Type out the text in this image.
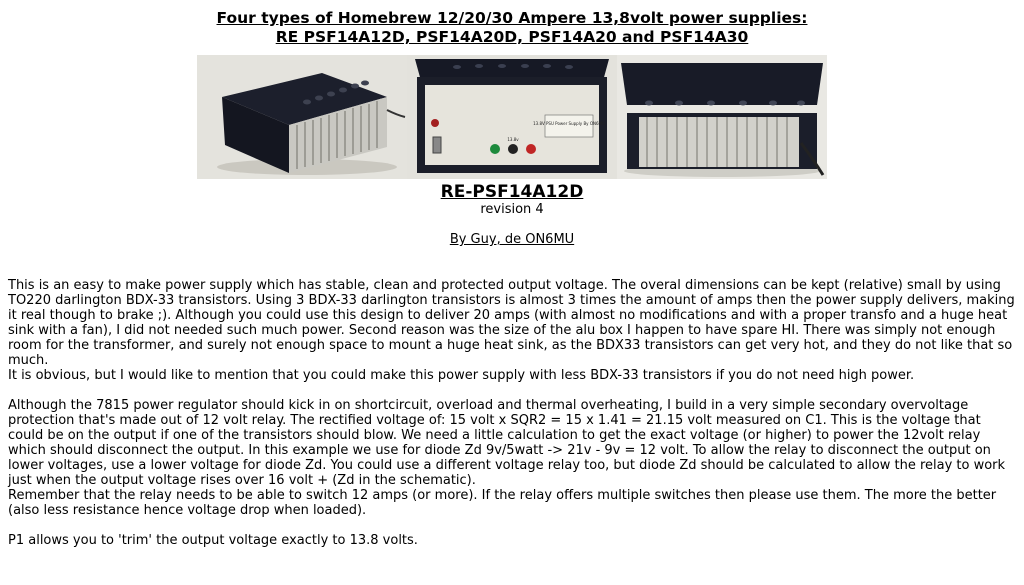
Four types of Homebrew 12/20/30 Ampere 13,8volt power supplies:
RE PSF14A12D, PSF14A20D, PSF14A20 and PSF14A30
13.8V PSU Power Supply By ON6MU
13.8v
RE-PSF14A12D
revision 4
By Guy, de ON6MU

This is an easy to make power supply which has stable, clean and protected output voltage. The overal dimensions can be kept (relative) small by using TO220 darlington BDX-33 transistors. Using 3 BDX-33 darlington transistors is almost 3 times the amount of amps then the power supply delivers, making it real though to brake ;). Although you could use this design to deliver 20 amps (with almost no modifications and with a proper transfo and a huge heat sink with a fan), I did not needed such much power. Second reason was the size of the alu box I happen to have spare HI. There was simply not enough room for the transformer, and surely not enough space to mount a huge heat sink, as the BDX33 transistors can get very hot, and they do not like that so much.

It is obvious, but I would like to mention that you could make this power supply with less BDX-33 transistors if you do not need high power.

Although the 7815 power regulator should kick in on shortcircuit, overload and thermal overheating, I build in a very simple secondary overvoltage protection that's made out of 12 volt relay. The rectified voltage of: 15 volt x SQR2 = 15 x 1.41 = 21.15 volt measured on C1. This is the voltage that could be on the output if one of the transistors should blow. We need a little calculation to get the exact voltage (or higher) to power the 12volt relay which should disconnect the output. In this example we use for diode Zd 9v/5watt -> 21v - 9v = 12 volt. To allow the relay to disconnect the output on lower voltages, use a lower voltage for diode Zd. You could use a different voltage relay too, but diode Zd should be calculated to allow the relay to work just when the output voltage rises over 16 volt + (Zd in the schematic).

Remember that the relay needs to be able to switch 12 amps (or more). If the relay offers multiple switches then please use them. The more the better (also less resistance hence voltage drop when loaded).

P1 allows you to 'trim' the output voltage exactly to 13.8 volts.
